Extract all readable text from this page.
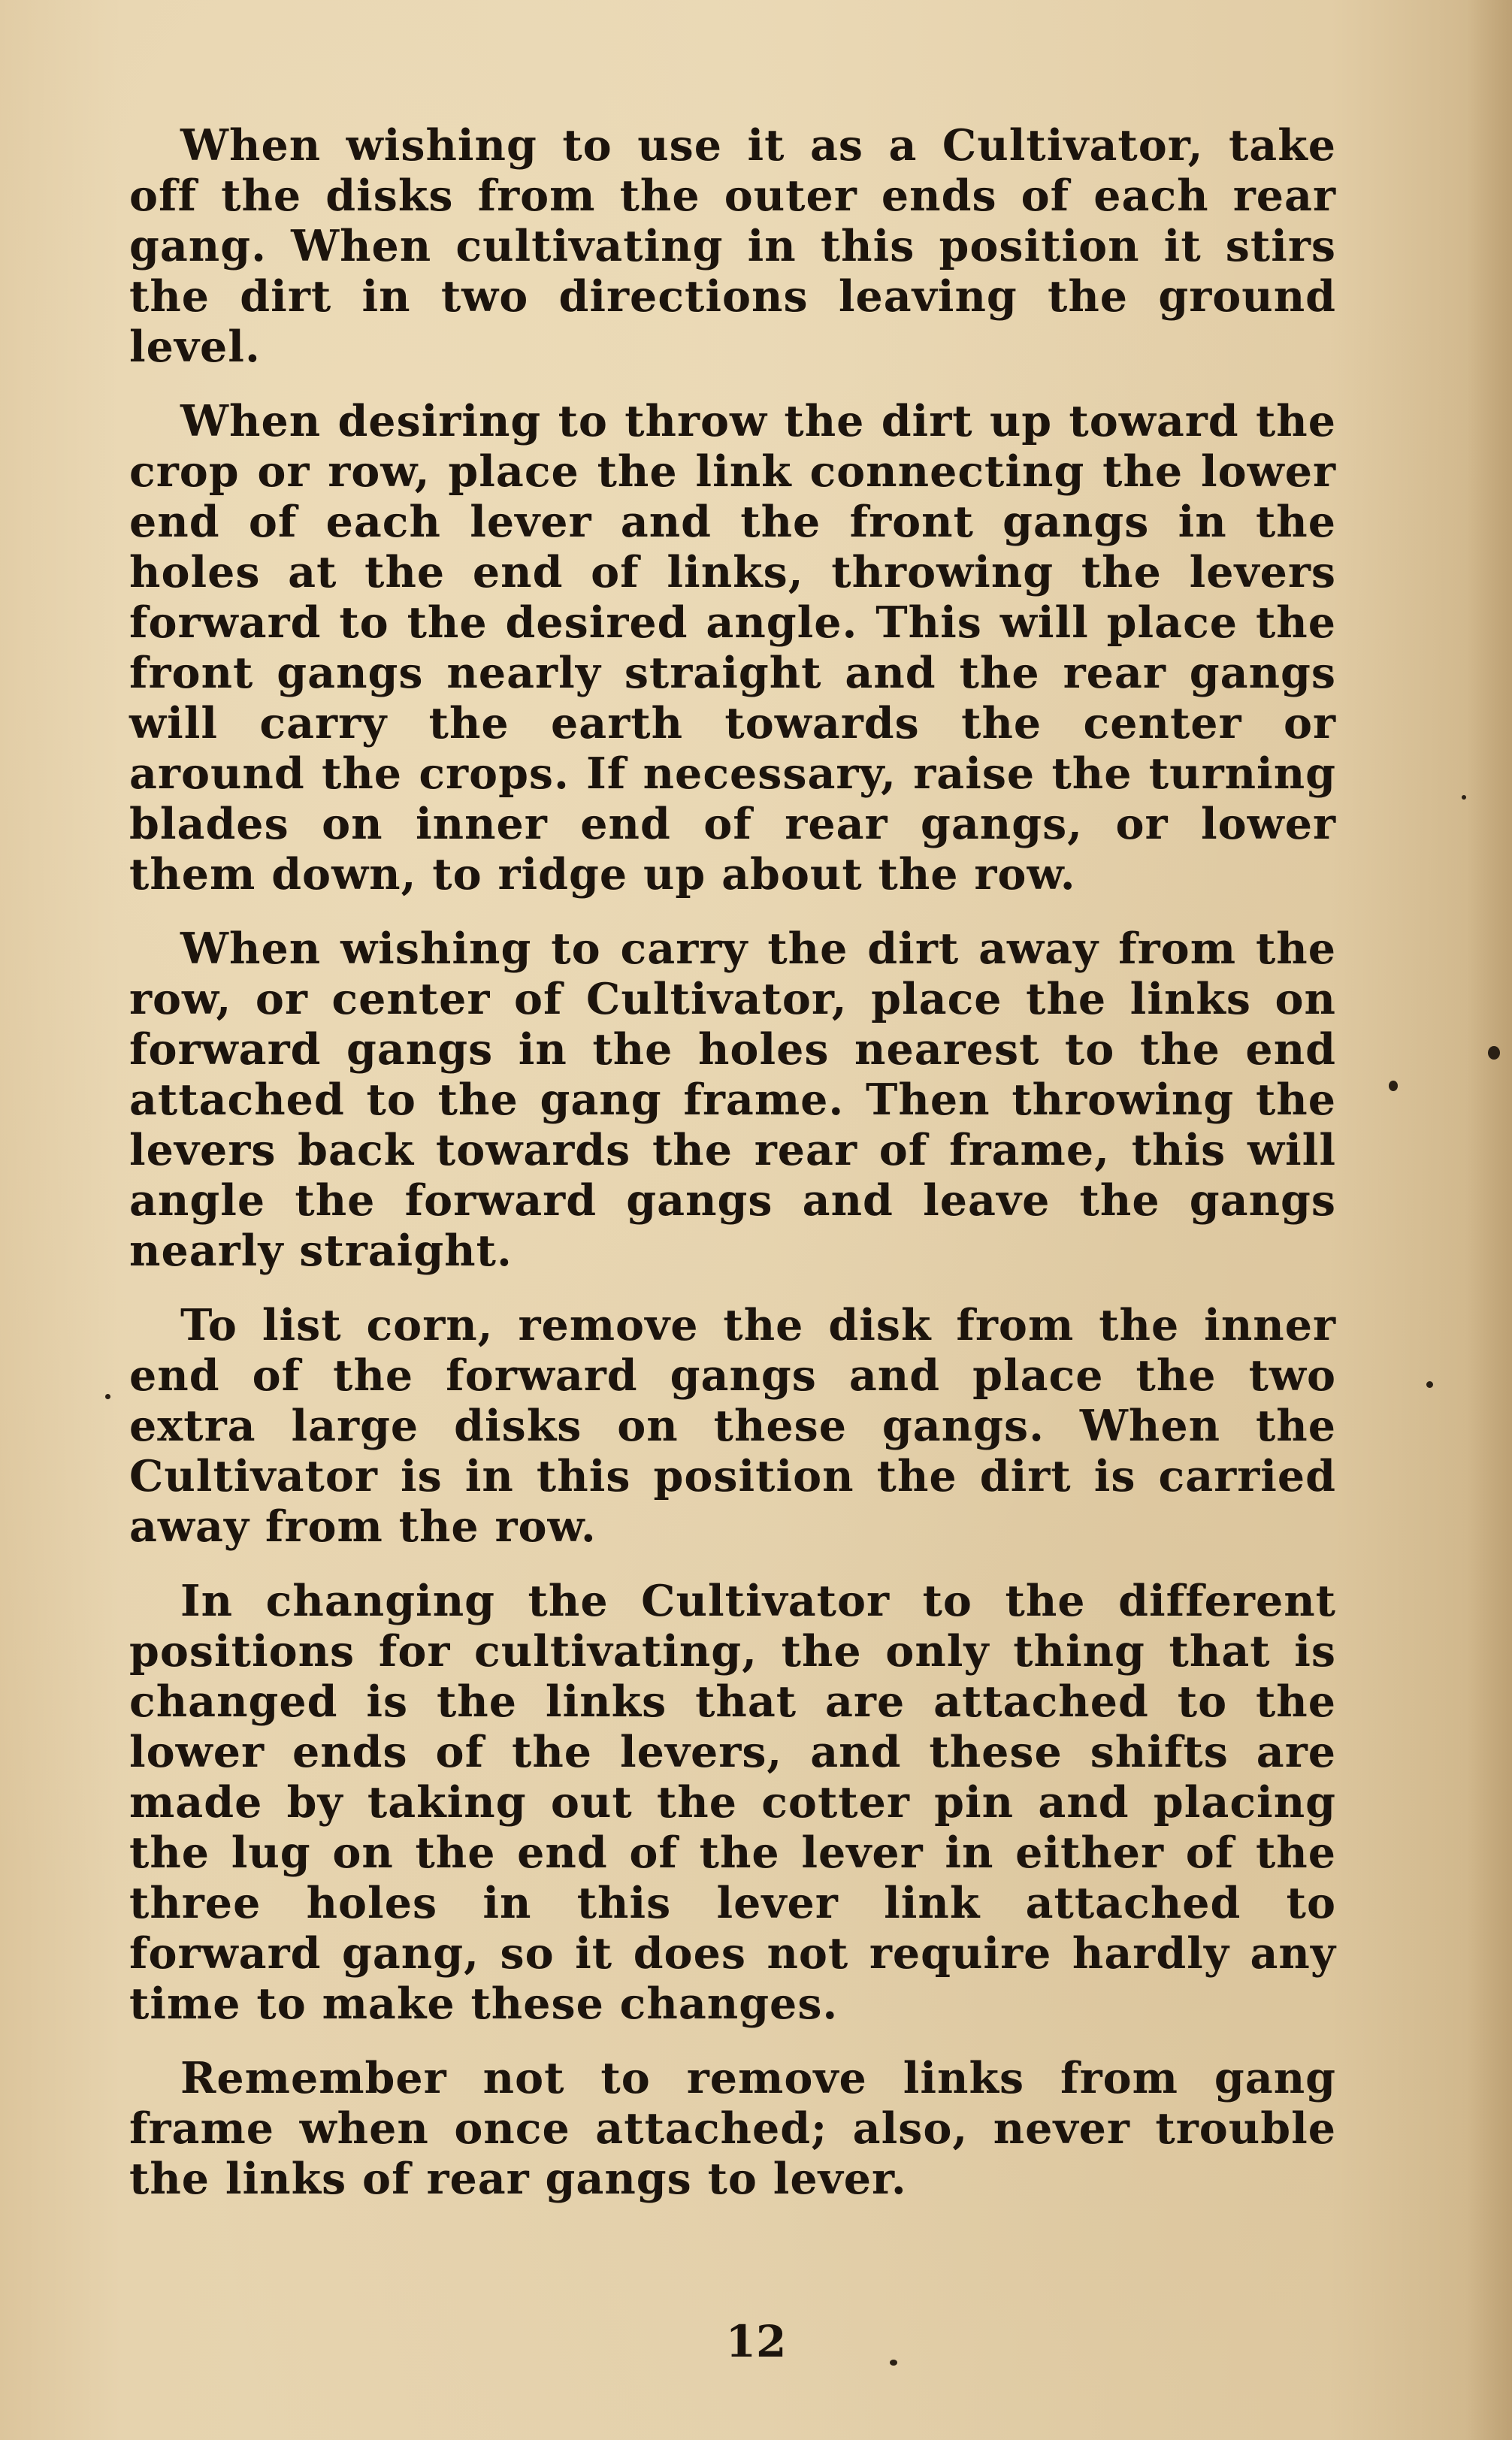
When wishing to use it as a Cultivator, take off the disks from the outer ends of each rear gang. When cultivating in this position it stirs the dirt in two directions leaving the ground level.

When desiring to throw the dirt up toward the crop or row, place the link connecting the lower end of each lever and the front gangs in the holes at the end of links, throwing the levers forward to the desired angle. This will place the front gangs nearly straight and the rear gangs will carry the earth towards the center or around the crops. If necessary, raise the turning blades on inner end of rear gangs, or lower them down, to ridge up about the row.

When wishing to carry the dirt away from the row, or center of Cultivator, place the links on forward gangs in the holes nearest to the end attached to the gang frame. Then throwing the levers back towards the rear of frame, this will angle the forward gangs and leave the gangs nearly straight.

To list corn, remove the disk from the inner end of the forward gangs and place the two extra large disks on these gangs. When the Cultivator is in this position the dirt is carried away from the row.

In changing the Cultivator to the different positions for cultivating, the only thing that is changed is the links that are attached to the lower ends of the levers, and these shifts are made by taking out the cotter pin and placing the lug on the end of the lever in either of the three holes in this lever link attached to forward gang, so it does not require hardly any time to make these changes.

Remember not to remove links from gang frame when once attached; also, never trouble the links of rear gangs to lever.

12
